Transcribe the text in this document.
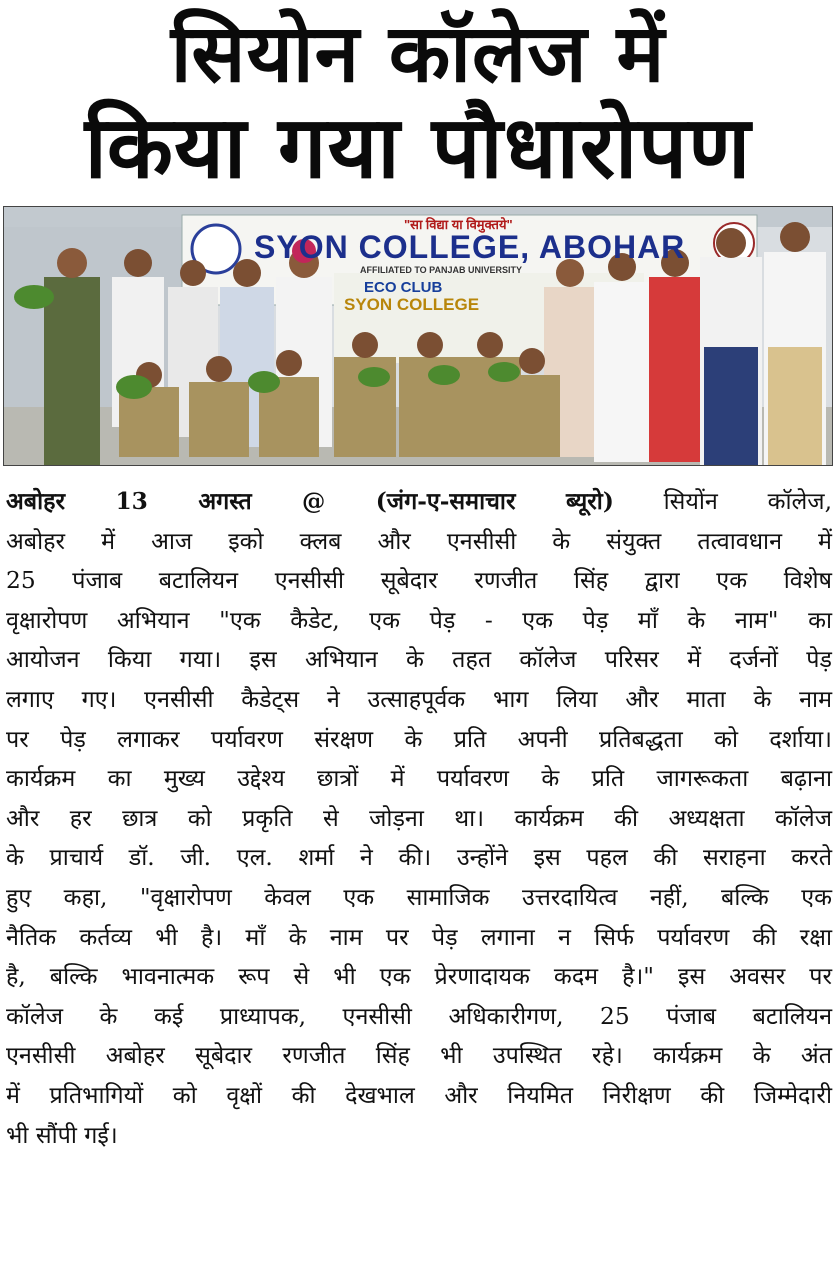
सियोन कॉलेज में
किया गया पौधारोपण
"सा विद्या या विमुक्तये"
SYON COLLEGE, ABOHAR
AFFILIATED TO PANJAB UNIVERSITY
ECO CLUB
SYON COLLEGE
अबोहर 13 अगस्त @ (जंग-ए-समाचार ब्यूरो) सियोंन कॉलेज,
अबोहर में आज इको क्लब और एनसीसी के संयुक्त तत्वावधान में
25 पंजाब बटालियन एनसीसी सूबेदार रणजीत सिंह द्वारा एक विशेष
वृक्षारोपण अभियान "एक कैडेट, एक पेड़ - एक पेड़ माँ के नाम" का
आयोजन किया गया। इस अभियान के तहत कॉलेज परिसर में दर्जनों पेड़
लगाए गए। एनसीसी कैडेट्स ने उत्साहपूर्वक भाग लिया और माता के नाम
पर पेड़ लगाकर पर्यावरण संरक्षण के प्रति अपनी प्रतिबद्धता को दर्शाया।
कार्यक्रम का मुख्य उद्देश्य छात्रों में पर्यावरण के प्रति जागरूकता बढ़ाना
और हर छात्र को प्रकृति से जोड़ना था। कार्यक्रम की अध्यक्षता कॉलेज
के प्राचार्य डॉ. जी. एल. शर्मा ने की। उन्होंने इस पहल की सराहना करते
हुए कहा, "वृक्षारोपण केवल एक सामाजिक उत्तरदायित्व नहीं, बल्कि एक
नैतिक कर्तव्य भी है। माँ के नाम पर पेड़ लगाना न सिर्फ पर्यावरण की रक्षा
है, बल्कि भावनात्मक रूप से भी एक प्रेरणादायक कदम है।" इस अवसर पर
कॉलेज के कई प्राध्यापक, एनसीसी अधिकारीगण, 25 पंजाब बटालियन
एनसीसी अबोहर सूबेदार रणजीत सिंह भी उपस्थित रहे। कार्यक्रम के अंत
में प्रतिभागियों को वृक्षों की देखभाल और नियमित निरीक्षण की जिम्मेदारी
भी सौंपी गई।
